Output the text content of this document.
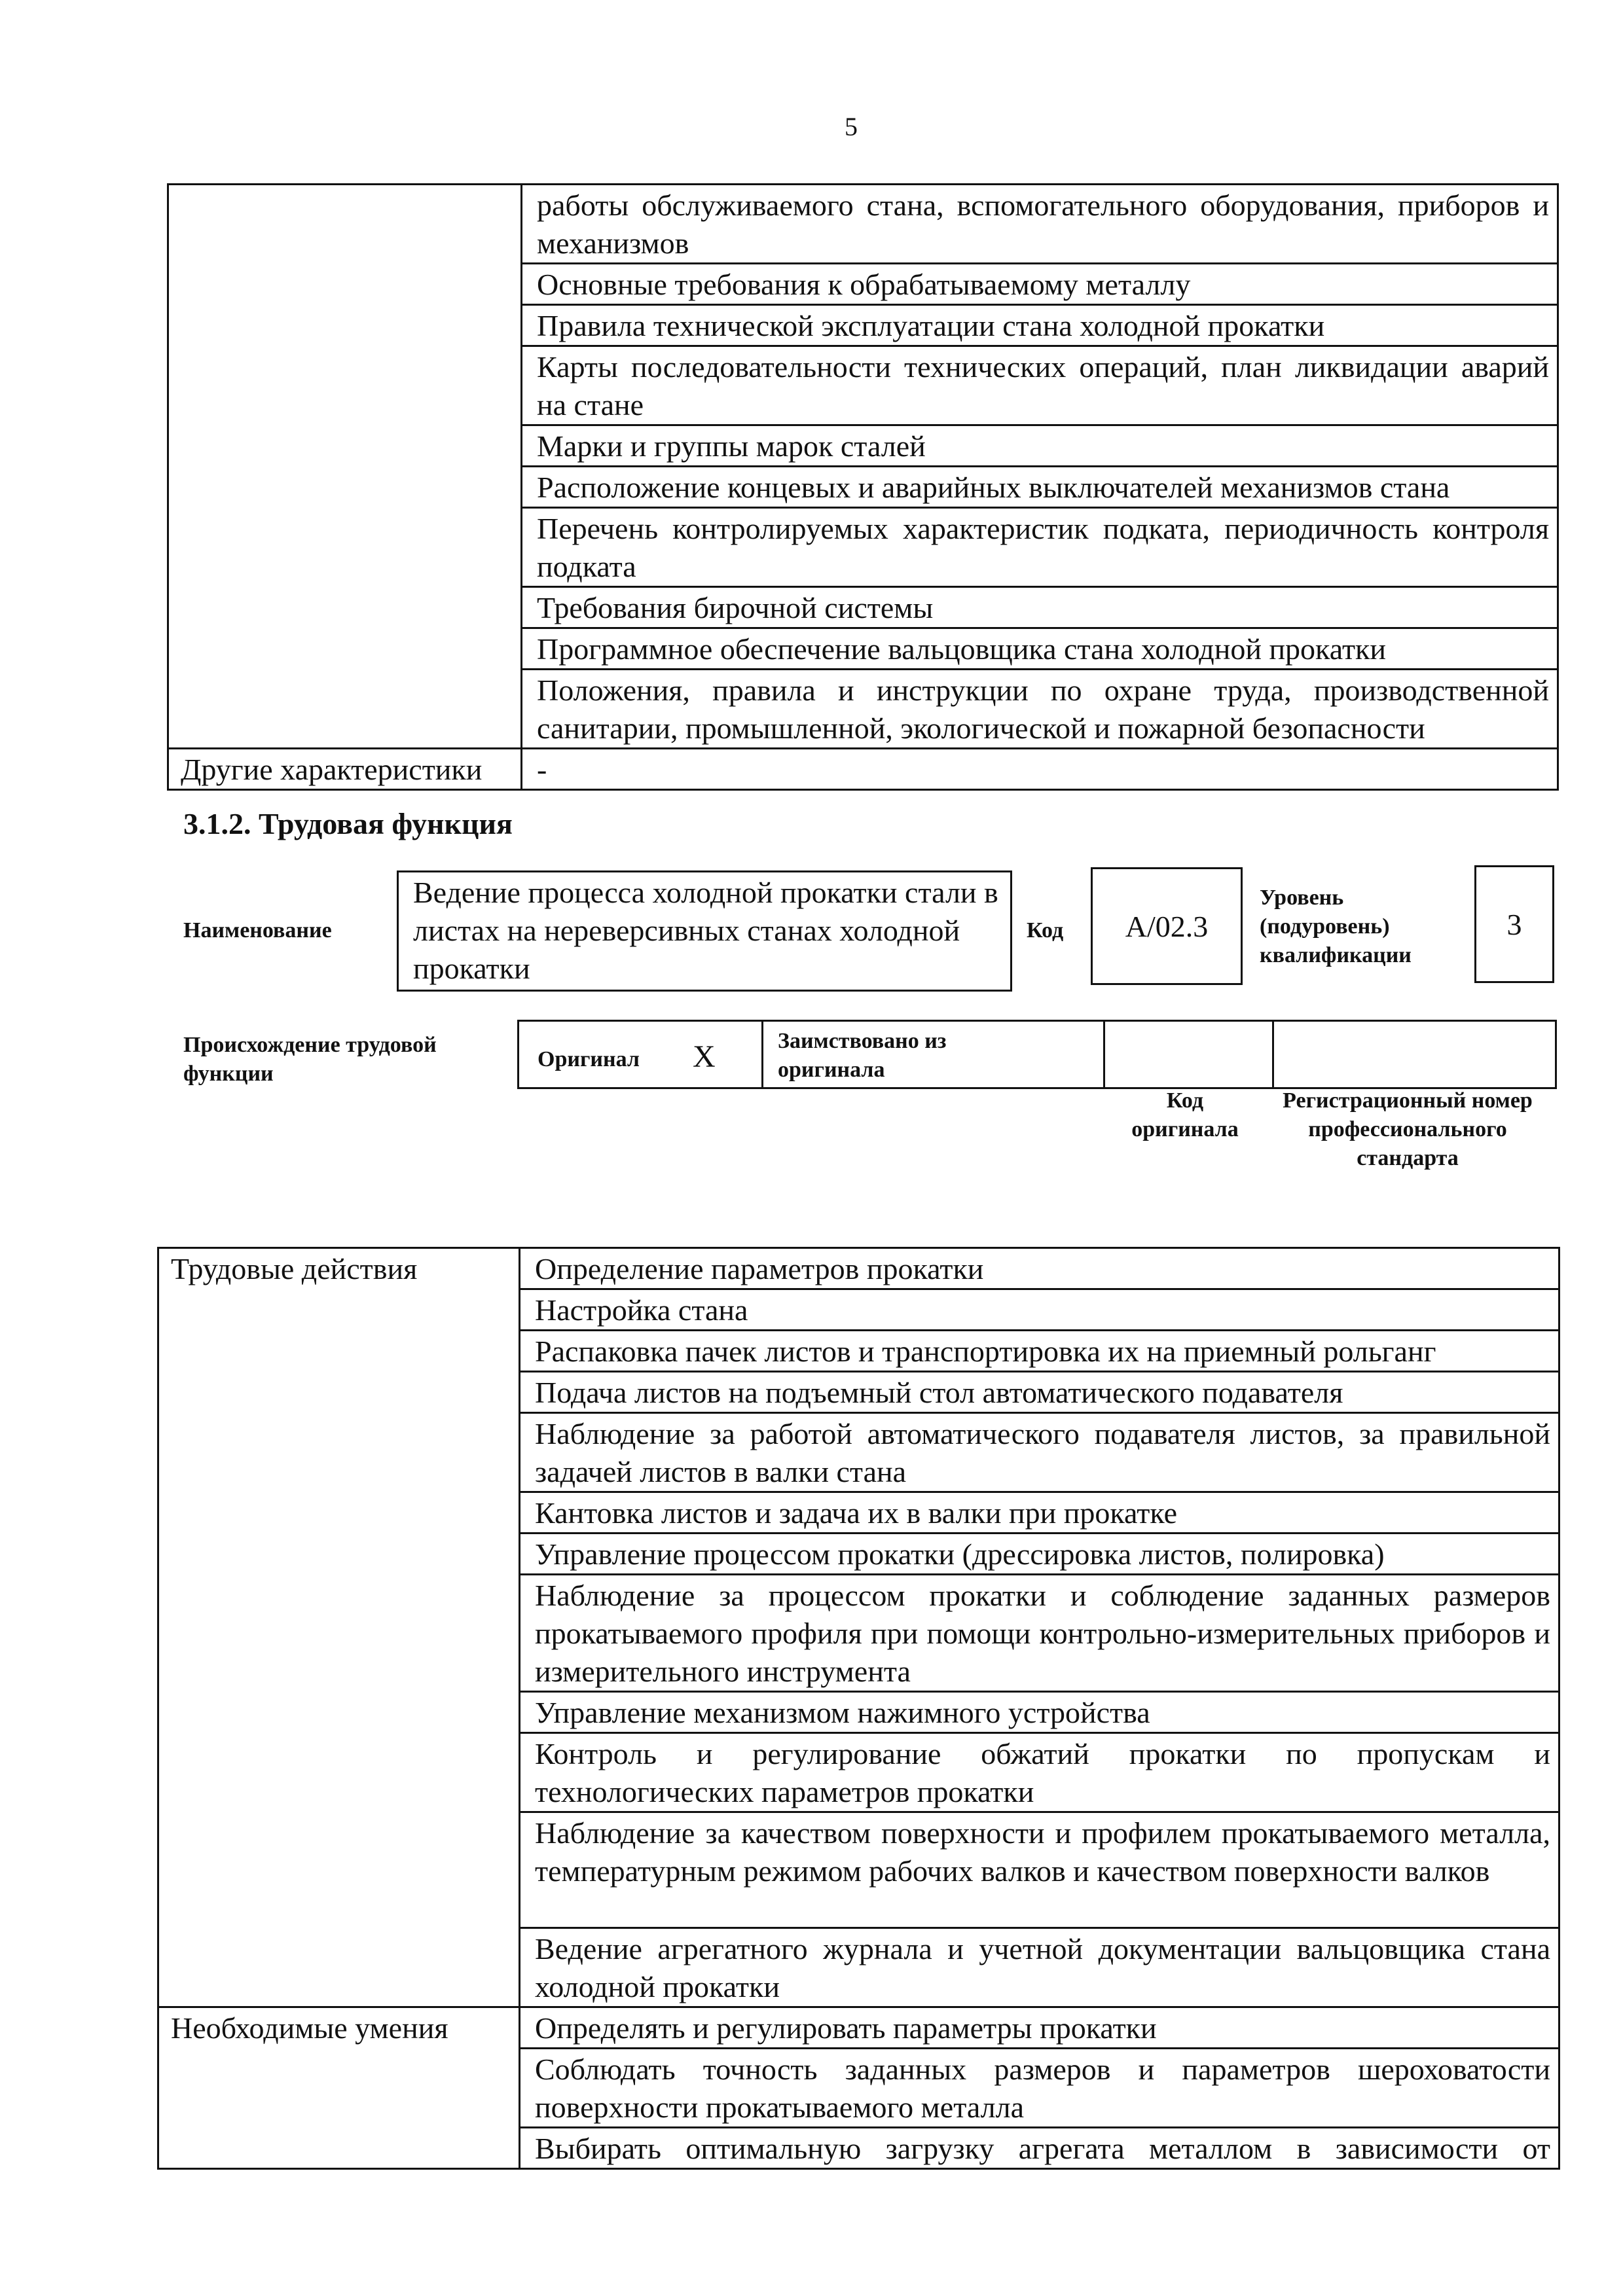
5
	работы обслуживаемого стана, вспомогательного оборудования, приборов и механизмов
	Основные требования к обрабатываемому металлу
	Правила технической эксплуатации стана холодной прокатки
	Карты последовательности технических операций, план ликвидации аварий на стане
	Марки и группы марок сталей
	Расположение концевых и аварийных выключателей механизмов стана
	Перечень контролируемых характеристик подката, периодичность контроля подката
	Требования бирочной системы
	Программное обеспечение вальцовщика стана холодной прокатки
	Положения, правила и инструкции по охране труда, производственной санитарии, промышленной, экологической и пожарной безопасности
Другие характеристики	-
3.1.2. Трудовая функция
Наименование
Ведение процесса холодной прокатки стали в листах на нереверсивных станах холодной прокатки
Код А/02.3
Уровень (подуровень) квалификации
3
Происхождение трудовой функции
Оригинал X	Заимствовано из оригинала
Код оригинала
Регистрационный номер профессионального стандарта
Трудовые действия	Определение параметров прокатки
	Настройка стана
	Распаковка пачек листов и транспортировка их на приемный рольганг
	Подача листов на подъемный стол автоматического подавателя
	Наблюдение за работой автоматического подавателя листов, за правильной задачей листов в валки стана
	Кантовка листов и задача их в валки при прокатке
	Управление процессом прокатки (дрессировка листов, полировка)
	Наблюдение за процессом прокатки и соблюдение заданных размеров прокатываемого профиля при помощи контрольно-измерительных приборов и измерительного инструмента
	Управление механизмом нажимного устройства
	Контроль и регулирование обжатий прокатки по пропускам и технологических параметров прокатки
	Наблюдение за качеством поверхности и профилем прокатываемого металла, температурным режимом рабочих валков и качеством поверхности валков
	Ведение агрегатного журнала и учетной документации вальцовщика стана холодной прокатки
Необходимые умения	Определять и регулировать параметры прокатки
	Соблюдать точность заданных размеров и параметров шероховатости поверхности прокатываемого металла
	Выбирать оптимальную загрузку агрегата металлом в зависимости от
